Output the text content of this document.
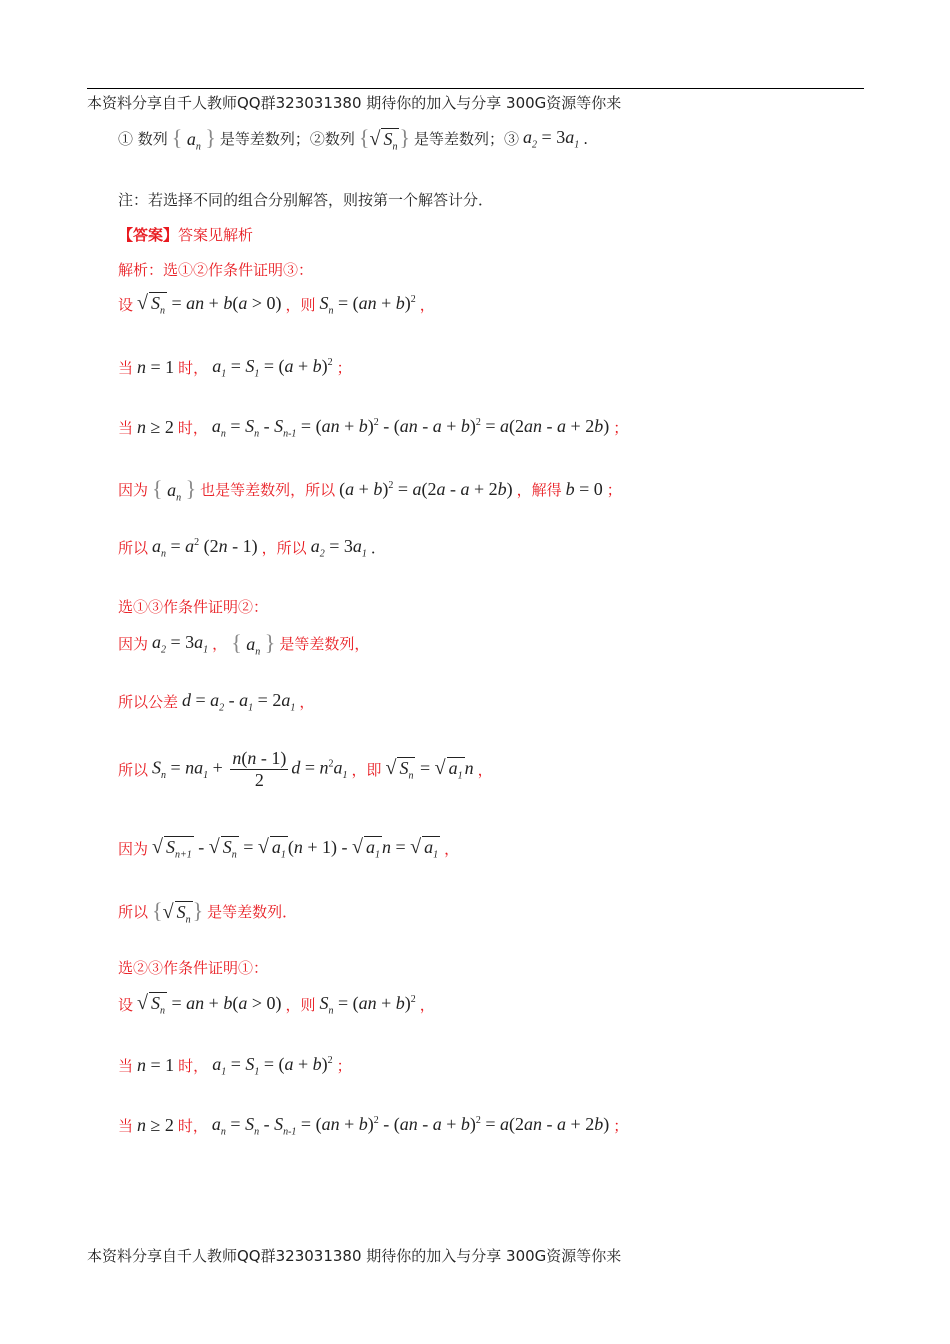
本资料分享自千人教师QQ群323031380 期待你的加入与分享 300G资源等你来
① 数列 { $a_n$ } 是等差数列；②数列 {√ $S_n$} 是等差数列；③ $a_2 = 3a_1$ .
注：若选择不同的组合分别解答，则按第一个解答计分．
【答案】 答案见解析
解析：选①②作条件证明③：
设 √ $S_n$ = an + b(a > 0) ，则 $S_n = (an + b)^2$ ，
当 n = 1 时， $a_1 = S_1 = (a + b)^2$ ；
当 n ≥ 2 时， $a_n = S_n - S_{n-1} = (an + b)^2 - (an - a + b)^2 = a(2an - a + 2b)$ ；
因为 { $a_n$ } 也是等差数列，所以 $(a + b)^2 = a(2a - a + 2b)$ ，解得 b = 0 ；
所以 $a_n = a^2$ (2n - 1) ，所以 $a_2 = 3a_1$ ．
选①③作条件证明②：
因为 $a_2 = 3a_1$ ， { $a_n$ } 是等差数列，
所以公差 $d = a_2 - a_1 = 2a_1$ ，
所以 $S_n = na_1 + \frac{n(n - 1)}{2}$ $d = n^2a_1$ ，即 √ $S_n$ = √ $a_1$ n ，
因为 √ $S_{n+1}$ - √ $S_n$ = √ $a_1$ (n + 1) - √ $a_1$ n = √ $a_1$ ，
所以 {√ $S_n$} 是等差数列．
选②③作条件证明①：
设 √ $S_n$ = an + b(a > 0) ，则 $S_n = (an + b)^2$ ，
当 n = 1 时， $a_1 = S_1 = (a + b)^2$ ；
当 n ≥ 2 时， $a_n = S_n - S_{n-1} = (an + b)^2 - (an - a + b)^2 = a(2an - a + 2b)$ ；
本资料分享自千人教师QQ群323031380 期待你的加入与分享 300G资源等你来
